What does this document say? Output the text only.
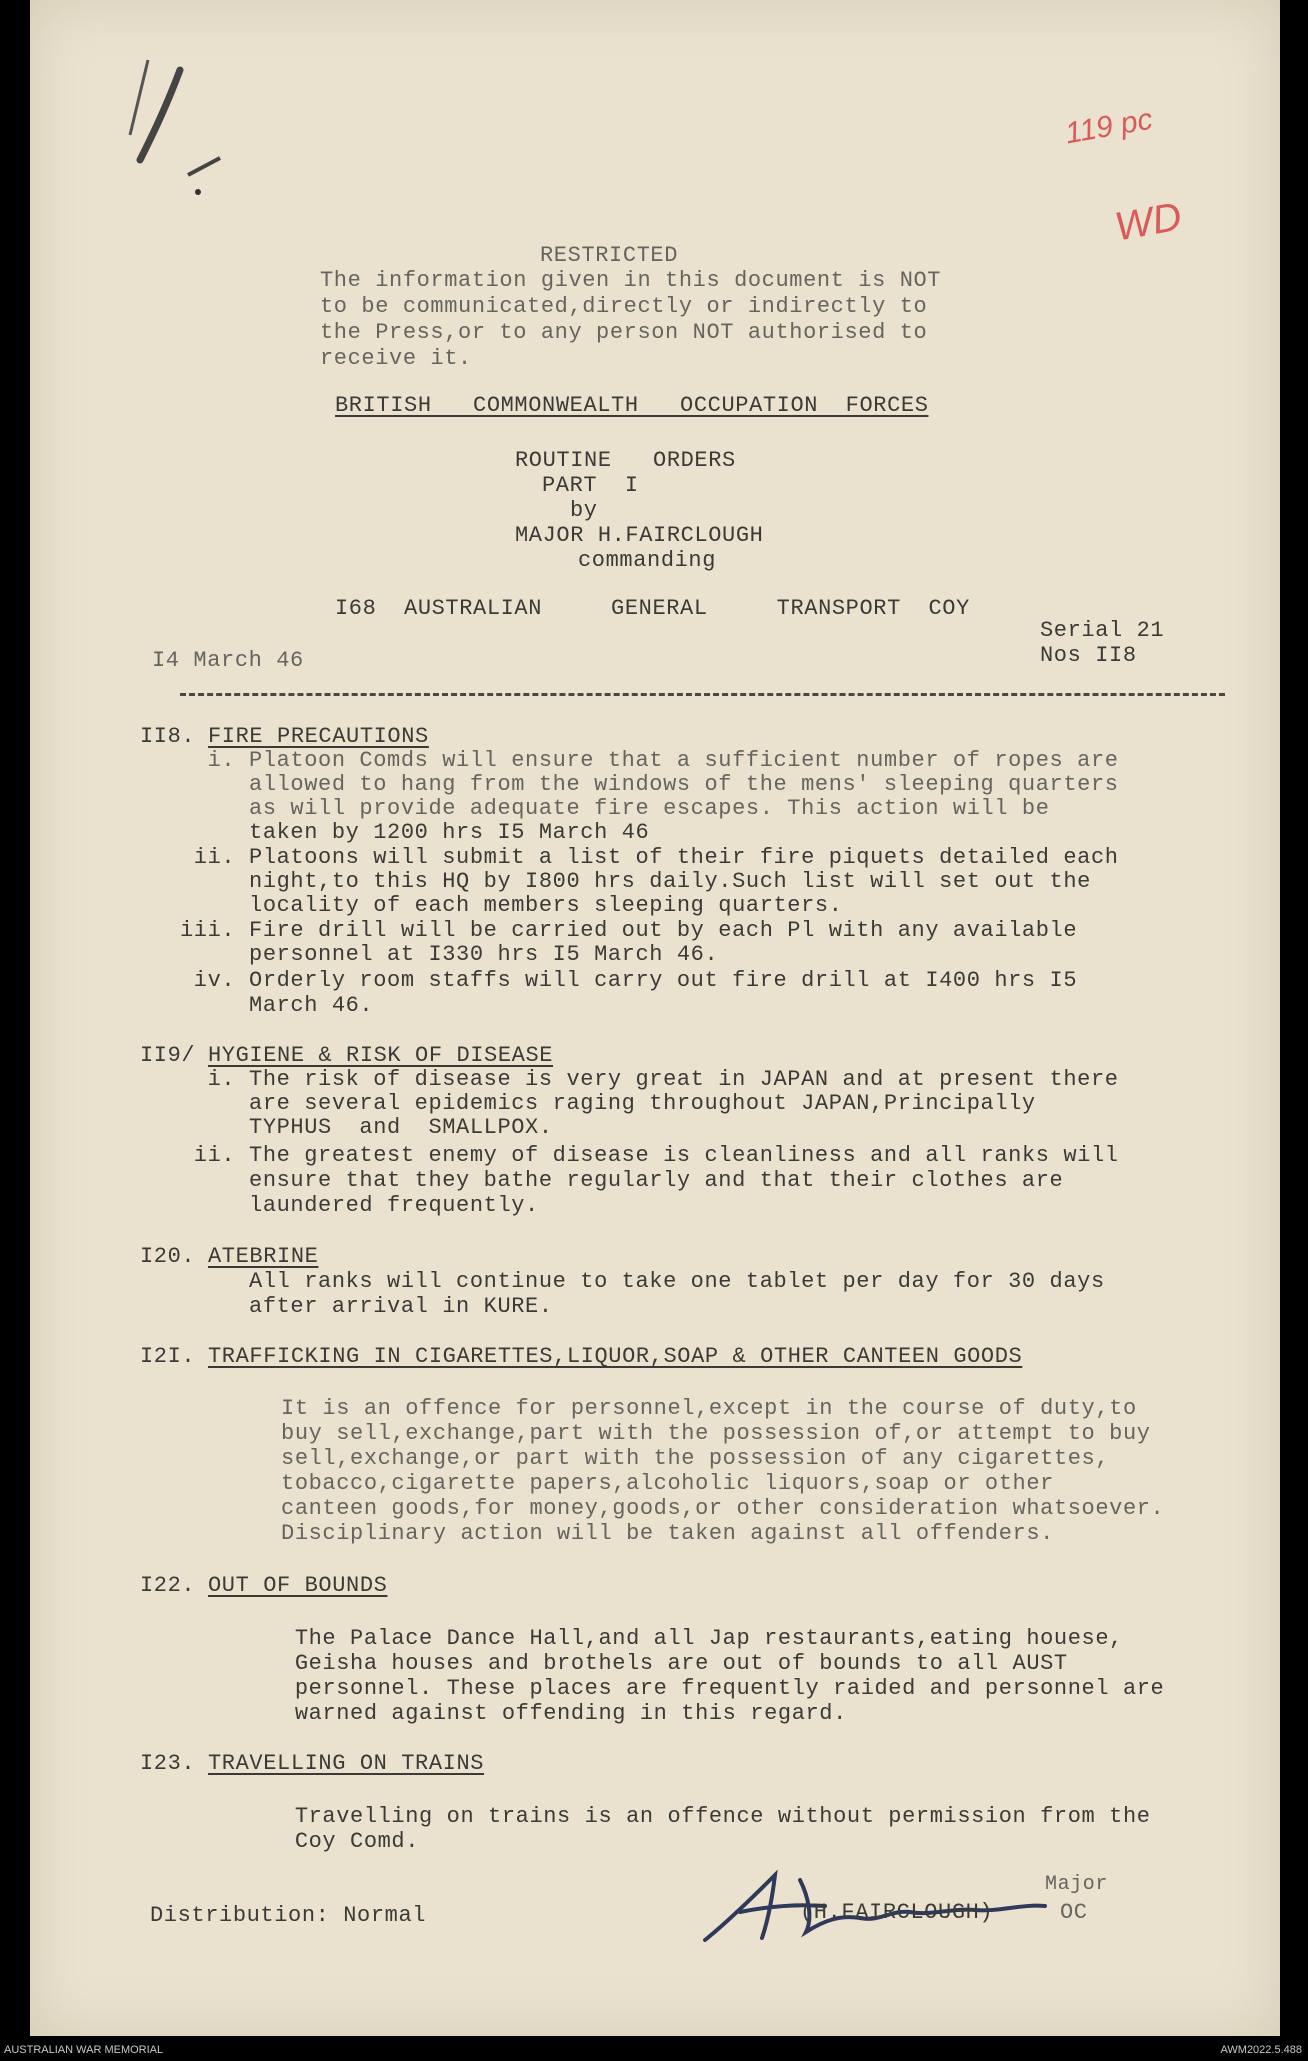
119 pc
WD
RESTRICTED
The information given in this document is NOT
to be communicated,directly or indirectly to
the Press,or to any person NOT authorised to
receive it.
BRITISH   COMMONWEALTH   OCCUPATION  FORCES
ROUTINE   ORDERS
PART  I
by
MAJOR H.FAIRCLOUGH
commanding
I68  AUSTRALIAN     GENERAL     TRANSPORT  COY
Serial 21
Nos II8
I4 March 46
II8. FIRE PRECAUTIONS
i. Platoon Comds will ensure that a sufficient number of ropes are
allowed to hang from the windows of the mens' sleeping quarters
as will provide adequate fire escapes. This action will be
taken by 1200 hrs I5 March 46
ii. Platoons will submit a list of their fire piquets detailed each
night,to this HQ by I800 hrs daily.Such list will set out the
locality of each members sleeping quarters.
iii. Fire drill will be carried out by each Pl with any available
personnel at I330 hrs I5 March 46.
iv. Orderly room staffs will carry out fire drill at I400 hrs I5
March 46.
II9/ HYGIENE & RISK OF DISEASE
i. The risk of disease is very great in JAPAN and at present there
are several epidemics raging throughout JAPAN,Principally
TYPHUS  and  SMALLPOX.
ii. The greatest enemy of disease is cleanliness and all ranks will
ensure that they bathe regularly and that their clothes are
laundered frequently.
I20. ATEBRINE
All ranks will continue to take one tablet per day for 30 days
after arrival in KURE.
I2I. TRAFFICKING IN CIGARETTES,LIQUOR,SOAP & OTHER CANTEEN GOODS
It is an offence for personnel,except in the course of duty,to
buy sell,exchange,part with the possession of,or attempt to buy
sell,exchange,or part with the possession of any cigarettes,
tobacco,cigarette papers,alcoholic liquors,soap or other
canteen goods,for money,goods,or other consideration whatsoever.
Disciplinary action will be taken against all offenders.
I22. OUT OF BOUNDS
The Palace Dance Hall,and all Jap restaurants,eating houese,
Geisha houses and brothels are out of bounds to all AUST
personnel. These places are frequently raided and personnel are
warned against offending in this regard.
I23. TRAVELLING ON TRAINS
Travelling on trains is an offence without permission from the
Coy Comd.
Major
(H.FAIRCLOUGH)	OC
Distribution: Normal
AUSTRALIAN WAR MEMORIAL	AWM2022.5.488
